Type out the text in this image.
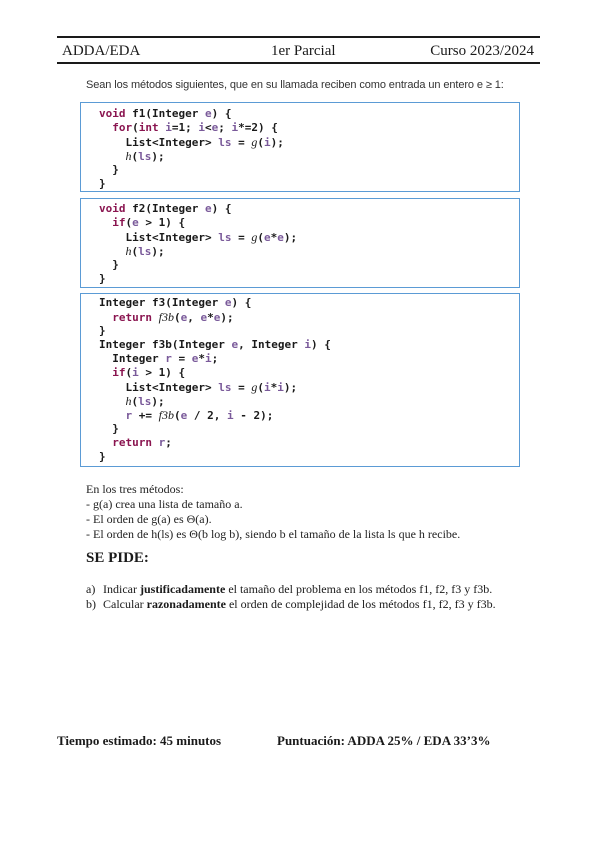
ADDA/EDA	1er Parcial	Curso 2023/2024
Sean los métodos siguientes, que en su llamada reciben como entrada un entero e ≥ 1:
void f1(Integer e) {
for(int i=1; i<e; i*=2) {
List<Integer> ls = g(i);
h(ls);
}
}
void f2(Integer e) {
if(e > 1) {
List<Integer> ls = g(e*e);
h(ls);
}
}
Integer f3(Integer e) {
return f3b(e, e*e);
}
Integer f3b(Integer e, Integer i) {
Integer r = e*i;
if(i > 1) {
List<Integer> ls = g(i*i);
h(ls);
r += f3b(e / 2, i - 2);
}
return r;
}
En los tres métodos:
- g(a) crea una lista de tamaño a.
- El orden de g(a) es Θ(a).
- El orden de h(ls) es Θ(b log b), siendo b el tamaño de la lista ls que h recibe.
SE PIDE:
a) Indicar justificadamente el tamaño del problema en los métodos f1, f2, f3 y f3b.
b) Calcular razonadamente el orden de complejidad de los métodos f1, f2, f3 y f3b.
Tiempo estimado: 45 minutos	Puntuación: ADDA 25% / EDA 33’3%
